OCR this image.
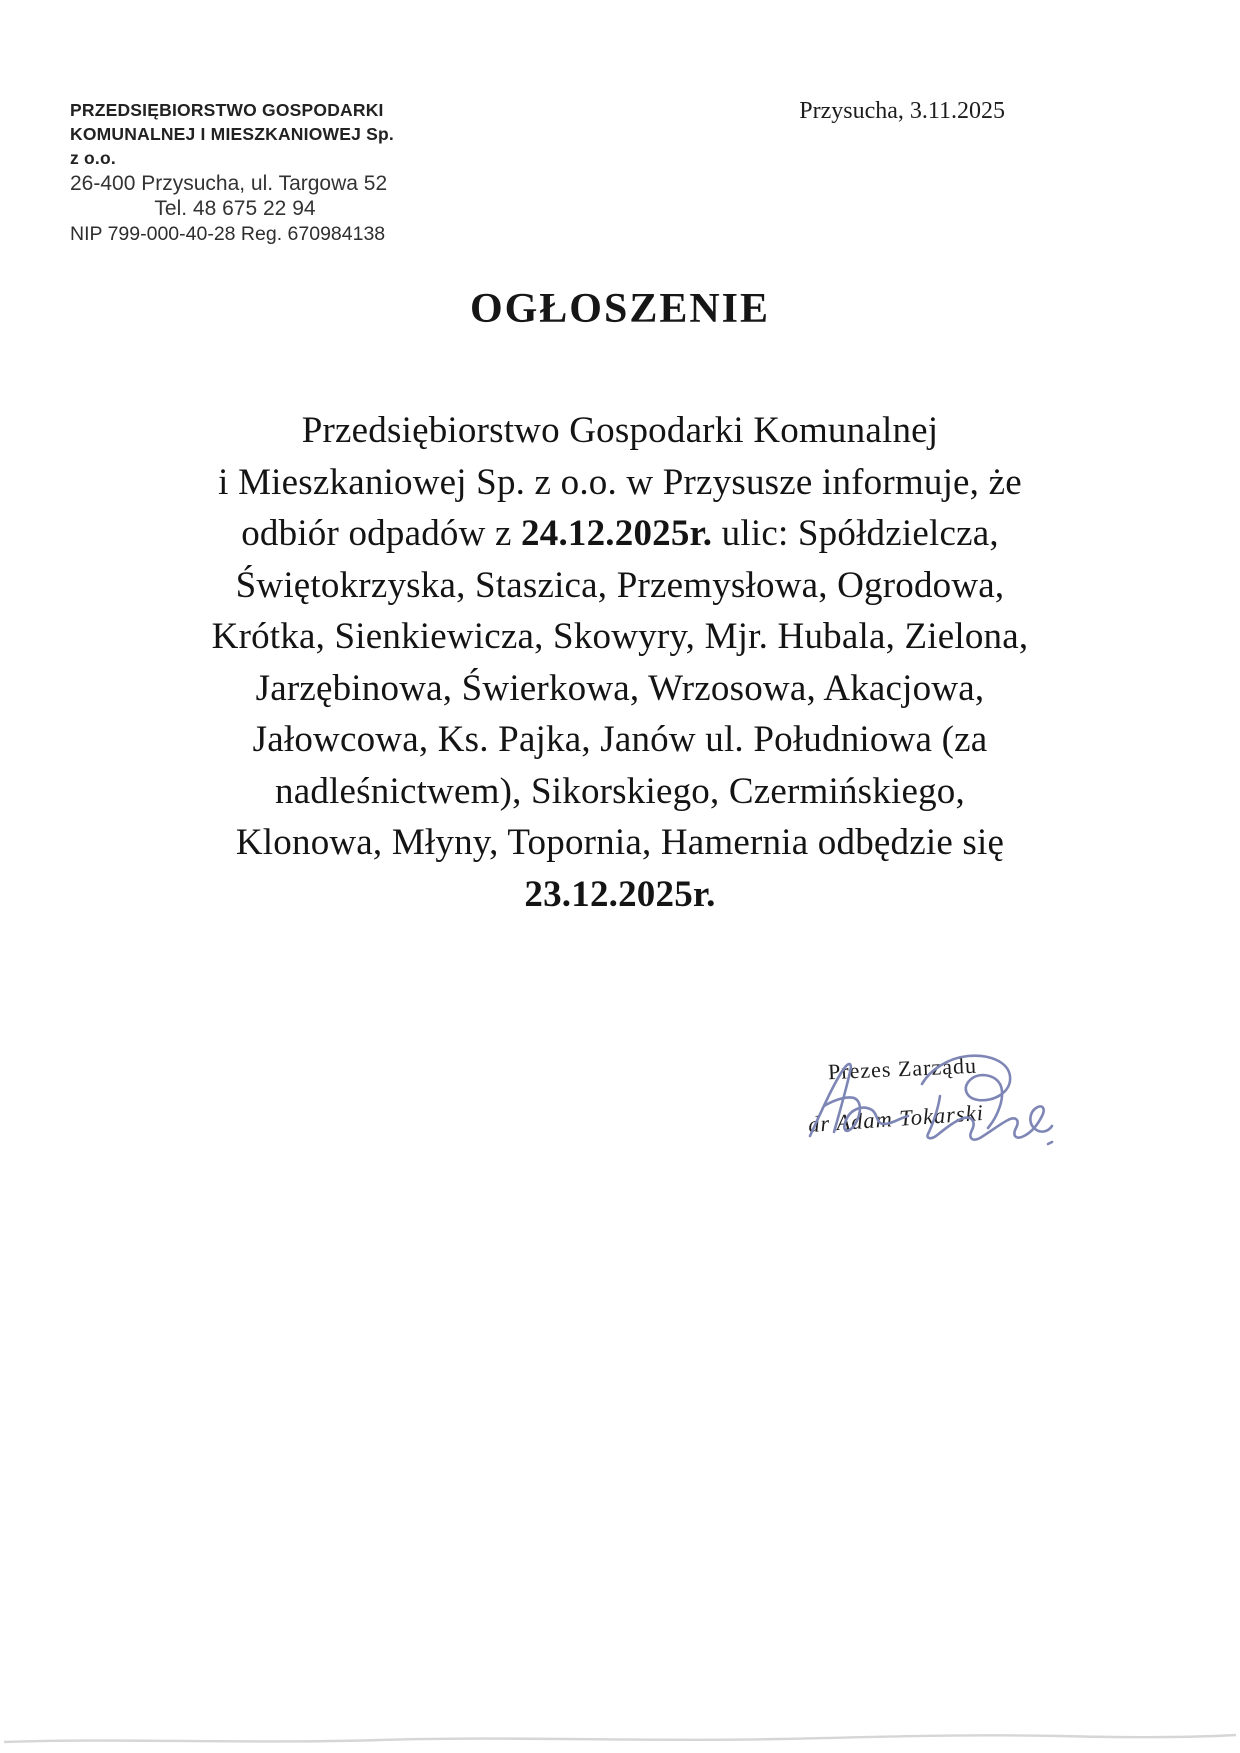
PRZEDSIĘBIORSTWO GOSPODARKI
KOMUNALNEJ I MIESZKANIOWEJ Sp. z o.o.
26-400 Przysucha, ul. Targowa 52
Tel. 48 675 22 94
NIP 799-000-40-28 Reg. 670984138
Przysucha, 3.11.2025
OGŁOSZENIE
Przedsiębiorstwo Gospodarki Komunalnej
i Mieszkaniowej Sp. z o.o. w Przysusze informuje, że
odbiór odpadów z 24.12.2025r. ulic: Spółdzielcza,
Świętokrzyska, Staszica, Przemysłowa, Ogrodowa,
Krótka, Sienkiewicza, Skowyry, Mjr. Hubala, Zielona,
Jarzębinowa, Świerkowa, Wrzosowa, Akacjowa,
Jałowcowa, Ks. Pajka, Janów ul. Południowa (za
nadleśnictwem), Sikorskiego, Czermińskiego,
Klonowa, Młyny, Topornia, Hamernia odbędzie się
23.12.2025r.
Prezes Zarządu
dr Adam Tokarski
